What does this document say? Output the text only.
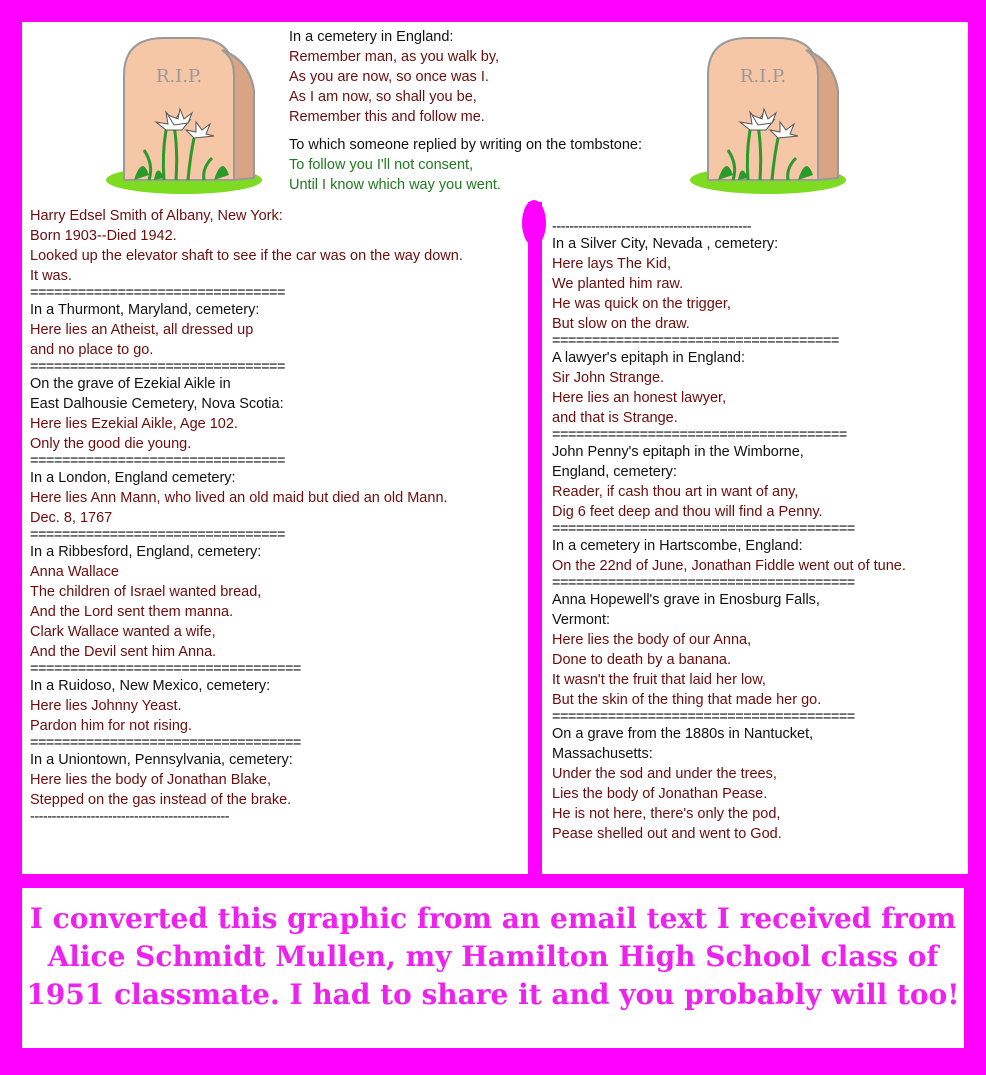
R.I.P.	R.I.P.
In a cemetery in England:
Remember man, as you walk by,
As you are now, so once was I.
As I am now, so shall you be,
Remember this and follow me.
To which someone replied by writing on the tombstone:
To follow you I'll not consent,
Until I know which way you went.
Harry Edsel Smith of Albany, New York:
Born 1903--Died 1942.
Looked up the elevator shaft to see if the car was on the way down.
It was.
================================
In a Thurmont, Maryland, cemetery:
Here lies an Atheist, all dressed up
and no place to go.
================================
On the grave of Ezekial Aikle in
East Dalhousie Cemetery, Nova Scotia:
Here lies Ezekial Aikle, Age 102.
Only the good die young.
================================
In a London, England cemetery:
Here lies Ann Mann, who lived an old maid but died an old Mann.
Dec. 8, 1767
================================
In a Ribbesford, England, cemetery:
Anna Wallace
The children of Israel wanted bread,
And the Lord sent them manna.
Clark Wallace wanted a wife,
And the Devil sent him Anna.
==================================
In a Ruidoso, New Mexico, cemetery:
Here lies Johnny Yeast.
Pardon him for not rising.
==================================
In a Uniontown, Pennsylvania, cemetery:
Here lies the body of Jonathan Blake,
Stepped on the gas instead of the brake.
----------------------------------------------
----------------------------------------------
In a Silver City, Nevada , cemetery:
Here lays The Kid,
We planted him raw.
He was quick on the trigger,
But slow on the draw.
====================================
A lawyer's epitaph in England:
Sir John Strange.
Here lies an honest lawyer,
and that is Strange.
=====================================
John Penny's epitaph in the Wimborne,
England, cemetery:
Reader, if cash thou art in want of any,
Dig 6 feet deep and thou will find a Penny.
======================================
In a cemetery in Hartscombe, England:
On the 22nd of June, Jonathan Fiddle went out of tune.
======================================
Anna Hopewell's grave in Enosburg Falls,
Vermont:
Here lies the body of our Anna,
Done to death by a banana.
It wasn't the fruit that laid her low,
But the skin of the thing that made her go.
======================================
On a grave from the 1880s in Nantucket,
Massachusetts:
Under the sod and under the trees,
Lies the body of Jonathan Pease.
He is not here, there's only the pod,
Pease shelled out and went to God.
I converted this graphic from an email text I received from
Alice Schmidt Mullen, my Hamilton High School class of
1951 classmate. I had to share it and you probably will too!
